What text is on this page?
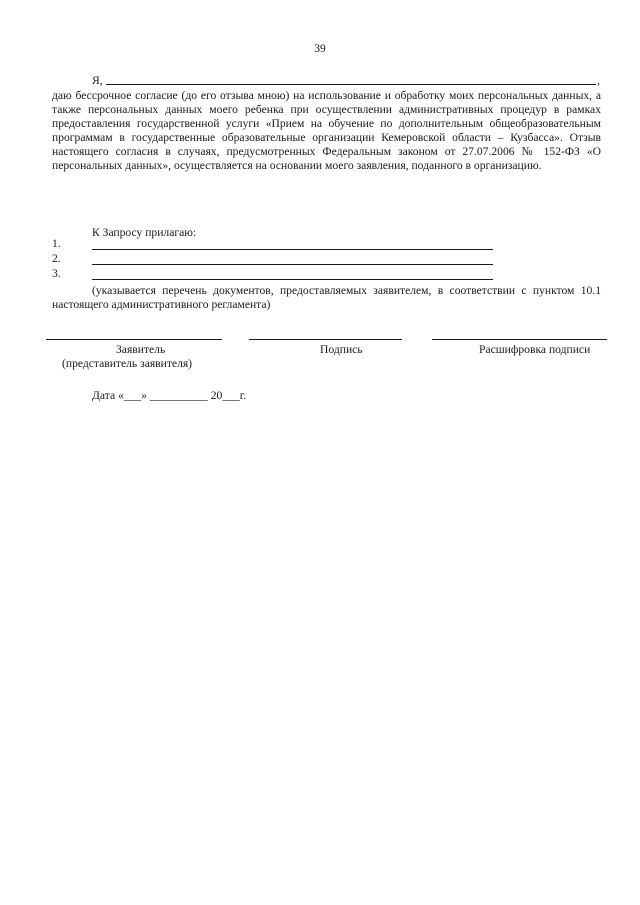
39
Я,	,
даю бессрочное согласие (до его отзыва мною) на использование и обработку моих персональных данных, а также персональных данных моего ребенка при осуществлении административных процедур в рамках предоставления государственной услуги «Прием на обучение по дополнительным общеобразовательным программам в государственные образовательные организации Кемеровской области – Кузбасса». Отзыв настоящего согласия в случаях, предусмотренных Федеральным законом от 27.07.2006 № 152-ФЗ «О персональных данных», осуществляется на основании моего заявления, поданного в организацию.
К Запросу прилагаю:
1.
2.
3.
(указывается перечень документов, предоставляемых заявителем, в соответствии с пунктом 10.1 настоящего административного регламента)
Заявитель	Подпись	Расшифровка подписи
(представитель заявителя)
Дата «___» __________ 20___г.
